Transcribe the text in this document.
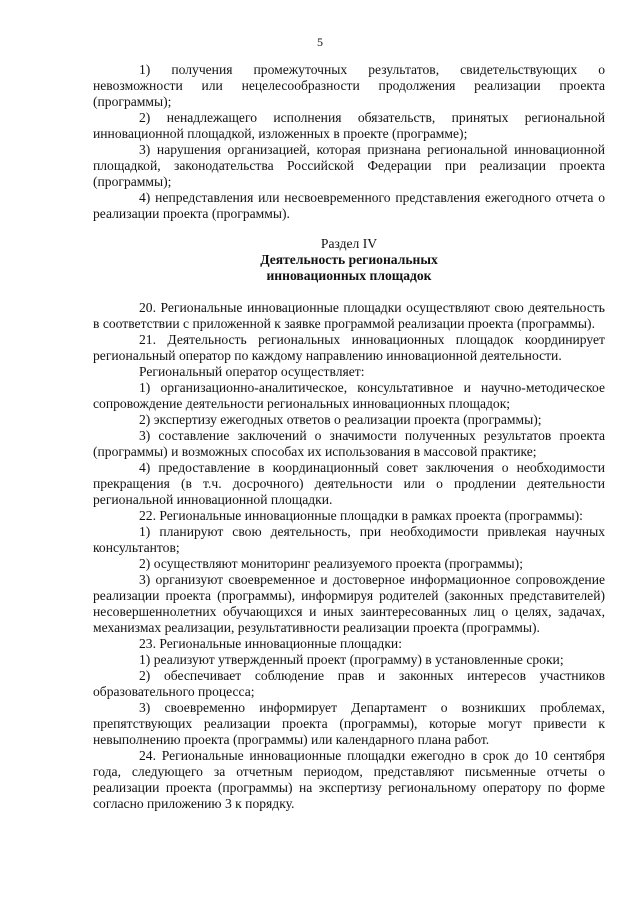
5
1) получения промежуточных результатов, свидетельствующих о невозможности или нецелесообразности продолжения реализации проекта (программы);
2) ненадлежащего исполнения обязательств, принятых региональной инновационной площадкой, изложенных в проекте (программе);
3) нарушения организацией, которая признана региональной инновационной площадкой, законодательства Российской Федерации при реализации проекта (программы);
4) непредставления или несвоевременного представления ежегодного отчета о реализации проекта (программы).
Раздел IV
Деятельность региональных
инновационных площадок
20. Региональные инновационные площадки осуществляют свою деятельность в соответствии с приложенной к заявке программой реализации проекта (программы).
21. Деятельность региональных инновационных площадок координирует региональный оператор по каждому направлению инновационной деятельности.
Региональный оператор осуществляет:
1) организационно-аналитическое, консультативное и научно-методическое сопровождение деятельности региональных инновационных площадок;
2) экспертизу ежегодных ответов о реализации проекта (программы);
3) составление заключений о значимости полученных результатов проекта (программы) и возможных способах их использования в массовой практике;
4) предоставление в координационный совет заключения о необходимости прекращения (в т.ч. досрочного) деятельности или о продлении деятельности региональной инновационной площадки.
22. Региональные инновационные площадки в рамках проекта (программы):
1) планируют свою деятельность, при необходимости привлекая научных консультантов;
2) осуществляют мониторинг реализуемого проекта (программы);
3) организуют своевременное и достоверное информационное сопровождение реализации проекта (программы), информируя родителей (законных представителей) несовершеннолетних обучающихся и иных заинтересованных лиц о целях, задачах, механизмах реализации, результативности реализации проекта (программы).
23. Региональные инновационные площадки:
1) реализуют утвержденный проект (программу) в установленные сроки;
2) обеспечивает соблюдение прав и законных интересов участников образовательного процесса;
3) своевременно информирует Департамент о возникших проблемах, препятствующих реализации проекта (программы), которые могут привести к невыполнению проекта (программы) или календарного плана работ.
24. Региональные инновационные площадки ежегодно в срок до 10 сентября года, следующего за отчетным периодом, представляют письменные отчеты о реализации проекта (программы) на экспертизу региональному оператору по форме согласно приложению 3 к порядку.
